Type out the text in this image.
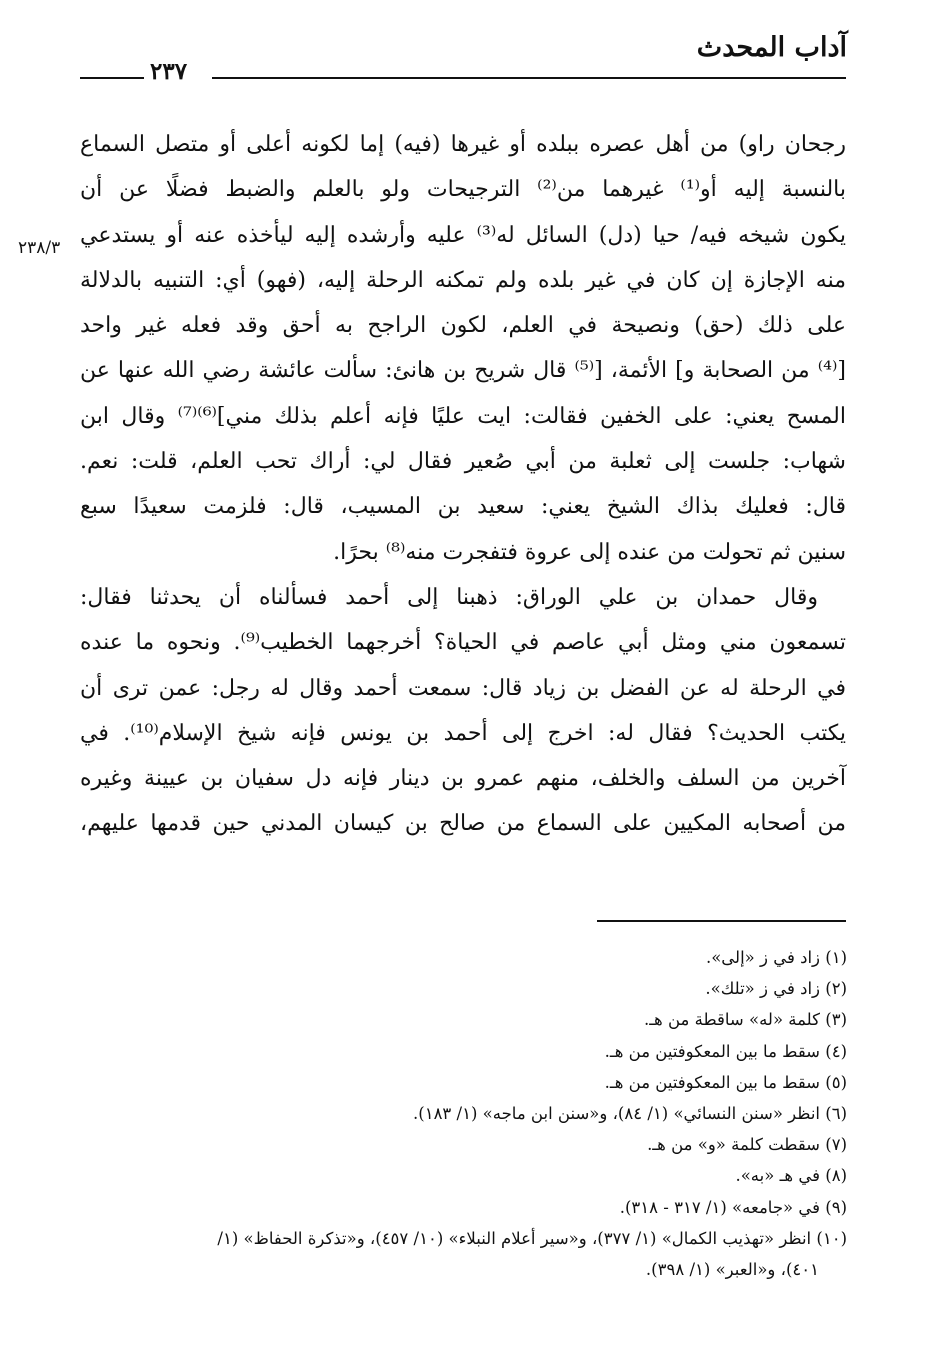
آداب المحدث
٢٣٧
٢٣٨/٣
رجحان راو) من أهل عصره ببلده أو غيرها (فيه) إما لكونه أعلى أو متصل السماع
بالنسبة إليه أو⁽¹⁾ غيرهما من⁽²⁾ الترجيحات ولو بالعلم والضبط فضلًا عن أن
يكون شيخه فيه/ حيا (دل) السائل له⁽³⁾ عليه وأرشده إليه ليأخذه عنه أو يستدعي
منه الإجازة إن كان في غير بلده ولم تمكنه الرحلة إليه، (فهو) أي: التنبيه بالدلالة
على ذلك (حق) ونصيحة في العلم، لكون الراجح به أحق وقد فعله غير واحد
[⁽⁴⁾ من الصحابة و] الأئمة، [⁽⁵⁾ قال شريح بن هانئ: سألت عائشة رضي الله عنها عن
المسح يعني: على الخفين فقالت: ايت عليًا فإنه أعلم بذلك مني]⁽⁶⁾⁽⁷⁾ وقال ابن
شهاب: جلست إلى ثعلبة من أبي صُعير فقال لي: أراك تحب العلم، قلت: نعم.
قال: فعليك بذاك الشيخ يعني: سعيد بن المسيب، قال: فلزمت سعيدًا سبع
سنين ثم تحولت من عنده إلى عروة فتفجرت منه⁽⁸⁾ بحرًا.
وقال حمدان بن علي الوراق: ذهبنا إلى أحمد فسألناه أن يحدثنا فقال:
تسمعون مني ومثل أبي عاصم في الحياة؟ أخرجهما الخطيب⁽⁹⁾. ونحوه ما عنده
في الرحلة له عن الفضل بن زياد قال: سمعت أحمد وقال له رجل: عمن ترى أن
يكتب الحديث؟ فقال له: اخرج إلى أحمد بن يونس فإنه شيخ الإسلام⁽¹⁰⁾. في
آخرين من السلف والخلف، منهم عمرو بن دينار فإنه دل سفيان بن عيينة وغيره
من أصحابه المكيين على السماع من صالح بن كيسان المدني حين قدمها عليهم،
(١) زاد في ز «إلى».
(٢) زاد في ز «تلك».
(٣) كلمة «له» ساقطة من هـ.
(٤) سقط ما بين المعكوفتين من هـ.
(٥) سقط ما بين المعكوفتين من هـ.
(٦) انظر «سنن النسائي» (١/ ٨٤)، و«سنن ابن ماجه» (١/ ١٨٣).
(٧) سقطت كلمة «و» من هـ.
(٨) في هـ «به».
(٩) في «جامعه» (١/ ٣١٧ - ٣١٨).
(١٠) انظر «تهذيب الكمال» (١/ ٣٧٧)، و«سير أعلام النبلاء» (١٠/ ٤٥٧)، و«تذكرة الحفاظ» (١/
٤٠١)، و«العبر» (١/ ٣٩٨).
